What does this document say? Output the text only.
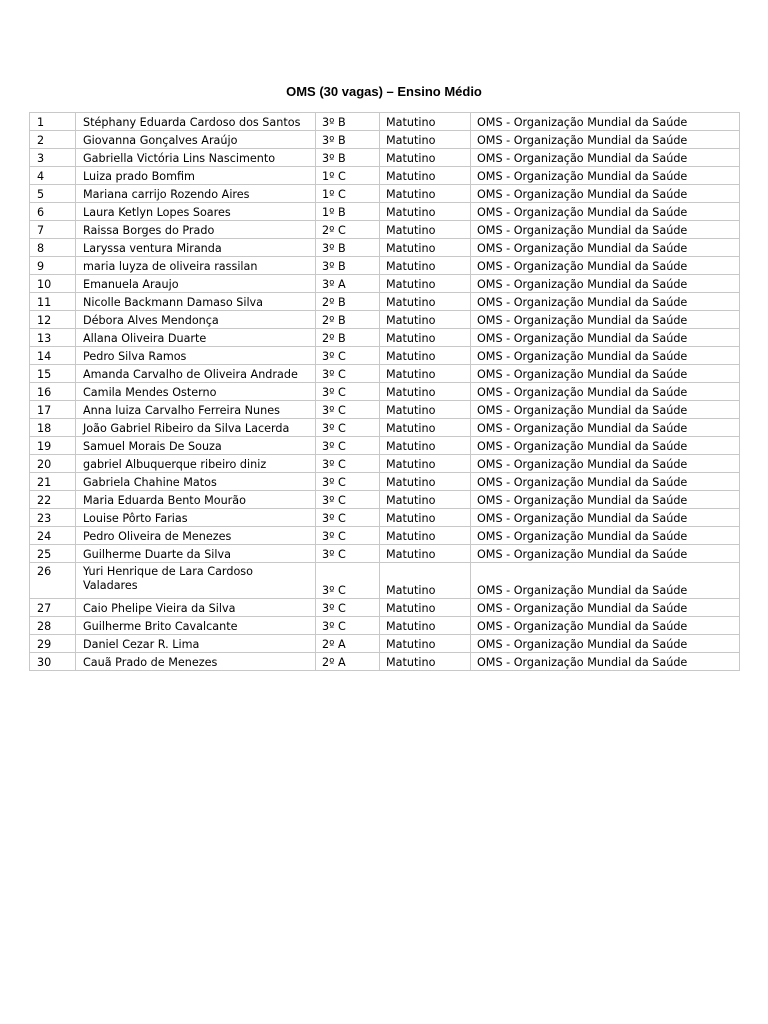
OMS (30 vagas) – Ensino Médio
1	Stéphany Eduarda Cardoso dos Santos	3º B	Matutino	OMS - Organização Mundial da Saúde
2	Giovanna Gonçalves Araújo	3º B	Matutino	OMS - Organização Mundial da Saúde
3	Gabriella Victória Lins Nascimento	3º B	Matutino	OMS - Organização Mundial da Saúde
4	Luiza prado Bomfim	1º C	Matutino	OMS - Organização Mundial da Saúde
5	Mariana carrijo Rozendo Aires	1º C	Matutino	OMS - Organização Mundial da Saúde
6	Laura Ketlyn Lopes Soares	1º B	Matutino	OMS - Organização Mundial da Saúde
7	Raissa Borges do Prado	2º C	Matutino	OMS - Organização Mundial da Saúde
8	Laryssa ventura Miranda	3º B	Matutino	OMS - Organização Mundial da Saúde
9	maria luyza de oliveira rassilan	3º B	Matutino	OMS - Organização Mundial da Saúde
10	Emanuela Araujo	3º A	Matutino	OMS - Organização Mundial da Saúde
11	Nicolle Backmann Damaso Silva	2º B	Matutino	OMS - Organização Mundial da Saúde
12	Débora Alves Mendonça	2º B	Matutino	OMS - Organização Mundial da Saúde
13	Allana Oliveira Duarte	2º B	Matutino	OMS - Organização Mundial da Saúde
14	Pedro Silva Ramos	3º C	Matutino	OMS - Organização Mundial da Saúde
15	Amanda Carvalho de Oliveira Andrade	3º C	Matutino	OMS - Organização Mundial da Saúde
16	Camila Mendes Osterno	3º C	Matutino	OMS - Organização Mundial da Saúde
17	Anna luiza Carvalho Ferreira Nunes	3º C	Matutino	OMS - Organização Mundial da Saúde
18	João Gabriel Ribeiro da Silva Lacerda	3º C	Matutino	OMS - Organização Mundial da Saúde
19	Samuel Morais De Souza	3º C	Matutino	OMS - Organização Mundial da Saúde
20	gabriel Albuquerque ribeiro diniz	3º C	Matutino	OMS - Organização Mundial da Saúde
21	Gabriela Chahine Matos	3º C	Matutino	OMS - Organização Mundial da Saúde
22	Maria Eduarda Bento Mourão	3º C	Matutino	OMS - Organização Mundial da Saúde
23	Louise Pôrto Farias	3º C	Matutino	OMS - Organização Mundial da Saúde
24	Pedro Oliveira de Menezes	3º C	Matutino	OMS - Organização Mundial da Saúde
25	Guilherme Duarte da Silva	3º C	Matutino	OMS - Organização Mundial da Saúde
26	Yuri Henrique de Lara Cardoso Valadares	3º C	Matutino	OMS - Organização Mundial da Saúde
27	Caio Phelipe Vieira da Silva	3º C	Matutino	OMS - Organização Mundial da Saúde
28	Guilherme Brito Cavalcante	3º C	Matutino	OMS - Organização Mundial da Saúde
29	Daniel Cezar R. Lima	2º A	Matutino	OMS - Organização Mundial da Saúde
30	Cauã Prado de Menezes	2º A	Matutino	OMS - Organização Mundial da Saúde
